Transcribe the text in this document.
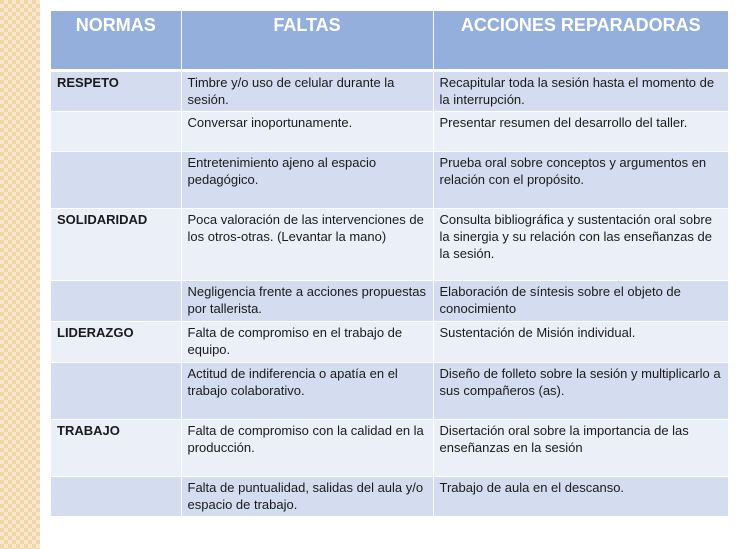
NORMAS	FALTAS	ACCIONES REPARADORAS
RESPETO	Timbre y/o uso de celular durante la sesión.	Recapitular toda la sesión hasta el momento de la interrupción.
	Conversar inoportunamente.	Presentar resumen del desarrollo del taller.
	Entretenimiento ajeno al espacio pedagógico.	Prueba oral sobre conceptos y argumentos en relación con el propósito.
SOLIDARIDAD	Poca valoración de las intervenciones de los otros-otras. (Levantar la mano)	Consulta bibliográfica y sustentación oral sobre la sinergia y su relación con las enseñanzas de la sesión.
	Negligencia frente a acciones propuestas por tallerista.	Elaboración de síntesis sobre el objeto de conocimiento
LIDERAZGO	Falta de compromiso en el trabajo de equipo.	Sustentación de Misión individual.
	Actitud de indiferencia o apatía en el trabajo colaborativo.	Diseño de folleto sobre la sesión y multiplicarlo a sus compañeros (as).
TRABAJO	Falta de compromiso con la calidad en la producción.	Disertación oral sobre la importancia de las enseñanzas en la sesión
	Falta de puntualidad, salidas del aula y/o espacio de trabajo.	Trabajo de aula en el descanso.
